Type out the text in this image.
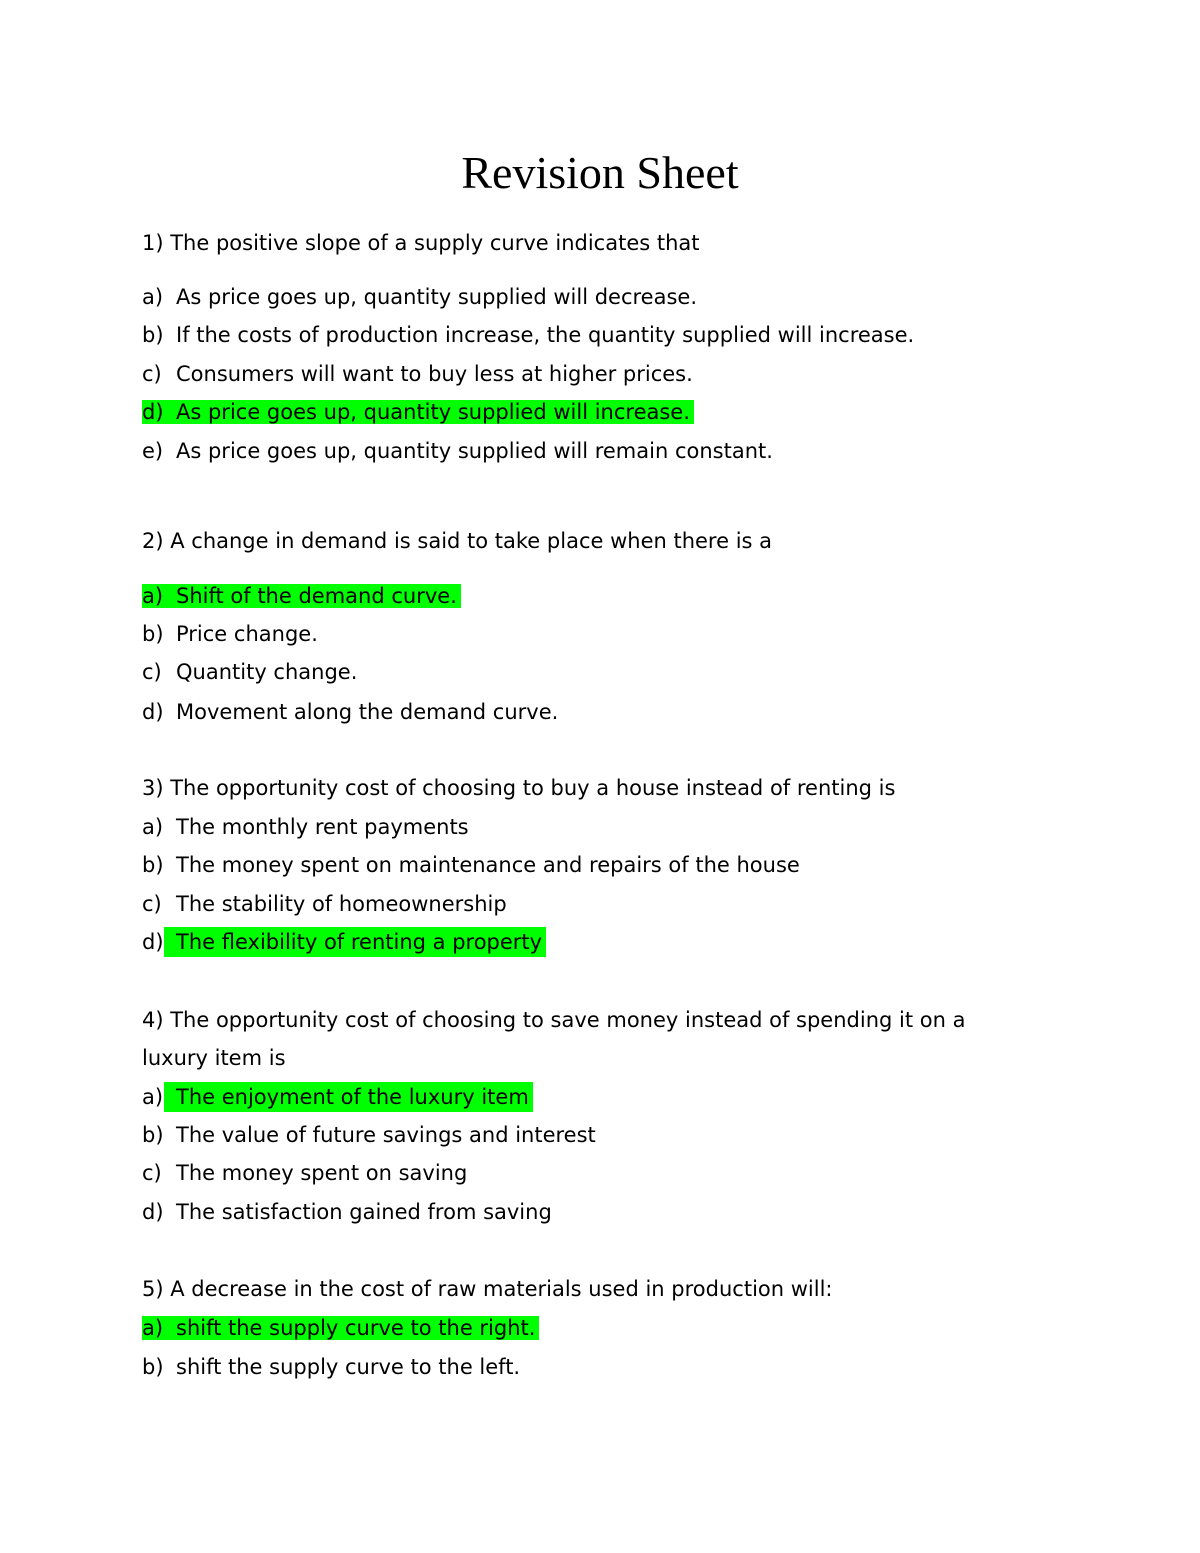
Revision Sheet
1) The positive slope of a supply curve indicates that
a) As price goes up, quantity supplied will decrease.
b) If the costs of production increase, the quantity supplied will increase.
c) Consumers will want to buy less at higher prices.
d) As price goes up, quantity supplied will increase.
e) As price goes up, quantity supplied will remain constant.
2) A change in demand is said to take place when there is a
a) Shift of the demand curve.
b) Price change.
c) Quantity change.
d) Movement along the demand curve.
3) The opportunity cost of choosing to buy a house instead of renting is
a) The monthly rent payments
b) The money spent on maintenance and repairs of the house
c) The stability of homeownership
d) The flexibility of renting a property
4) The opportunity cost of choosing to save money instead of spending it on a
luxury item is
a) The enjoyment of the luxury item
b) The value of future savings and interest
c) The money spent on saving
d) The satisfaction gained from saving
5) A decrease in the cost of raw materials used in production will:
a) shift the supply curve to the right.
b) shift the supply curve to the left.
